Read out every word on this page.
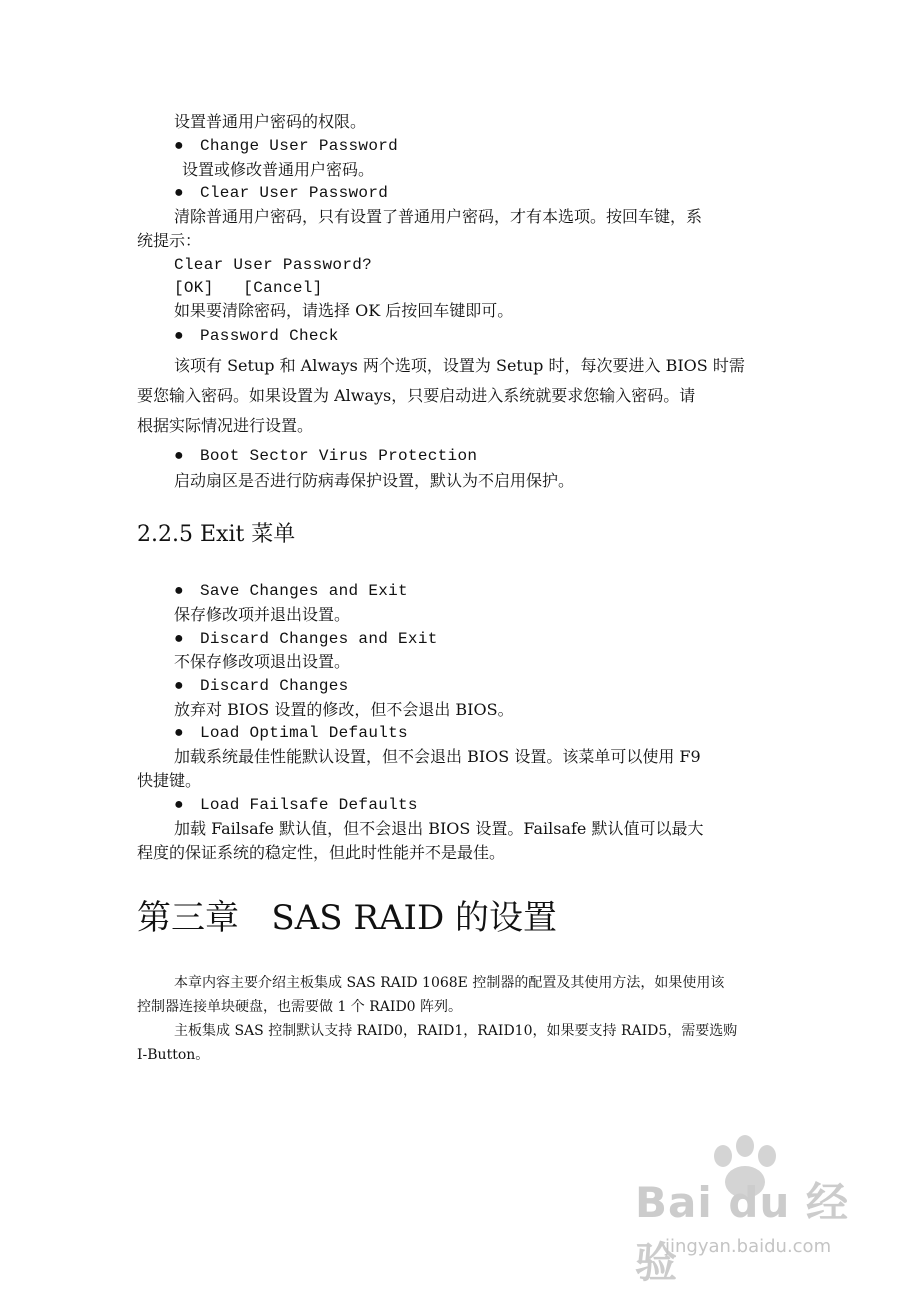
设置普通用户密码的权限。
● Change User Password
设置或修改普通用户密码。
● Clear User Password
清除普通用户密码，只有设置了普通用户密码，才有本选项。按回车键，系
统提示：
Clear User Password?
[OK]   [Cancel]
如果要清除密码，请选择 OK 后按回车键即可。
● Password Check
该项有 Setup 和 Always 两个选项，设置为 Setup 时，每次要进入 BIOS 时需
要您输入密码。如果设置为 Always，只要启动进入系统就要求您输入密码。请
根据实际情况进行设置。
● Boot Sector Virus Protection
启动扇区是否进行防病毒保护设置，默认为不启用保护。
2.2.5 Exit 菜单
● Save Changes and Exit
保存修改项并退出设置。
● Discard Changes and Exit
不保存修改项退出设置。
● Discard Changes
放弃对 BIOS 设置的修改，但不会退出 BIOS。
● Load Optimal Defaults
加载系统最佳性能默认设置，但不会退出 BIOS 设置。该菜单可以使用 F9
快捷键。
● Load Failsafe Defaults
加载 Failsafe 默认值，但不会退出 BIOS 设置。Failsafe 默认值可以最大
程度的保证系统的稳定性，但此时性能并不是最佳。
第三章   SAS RAID 的设置
本章内容主要介绍主板集成 SAS RAID 1068E 控制器的配置及其使用方法，如果使用该
控制器连接单块硬盘，也需要做 1 个 RAID0 阵列。
主板集成 SAS 控制默认支持 RAID0，RAID1，RAID10，如果要支持 RAID5，需要选购
I-Button。
Bai du 经验
jingyan.baidu.com
